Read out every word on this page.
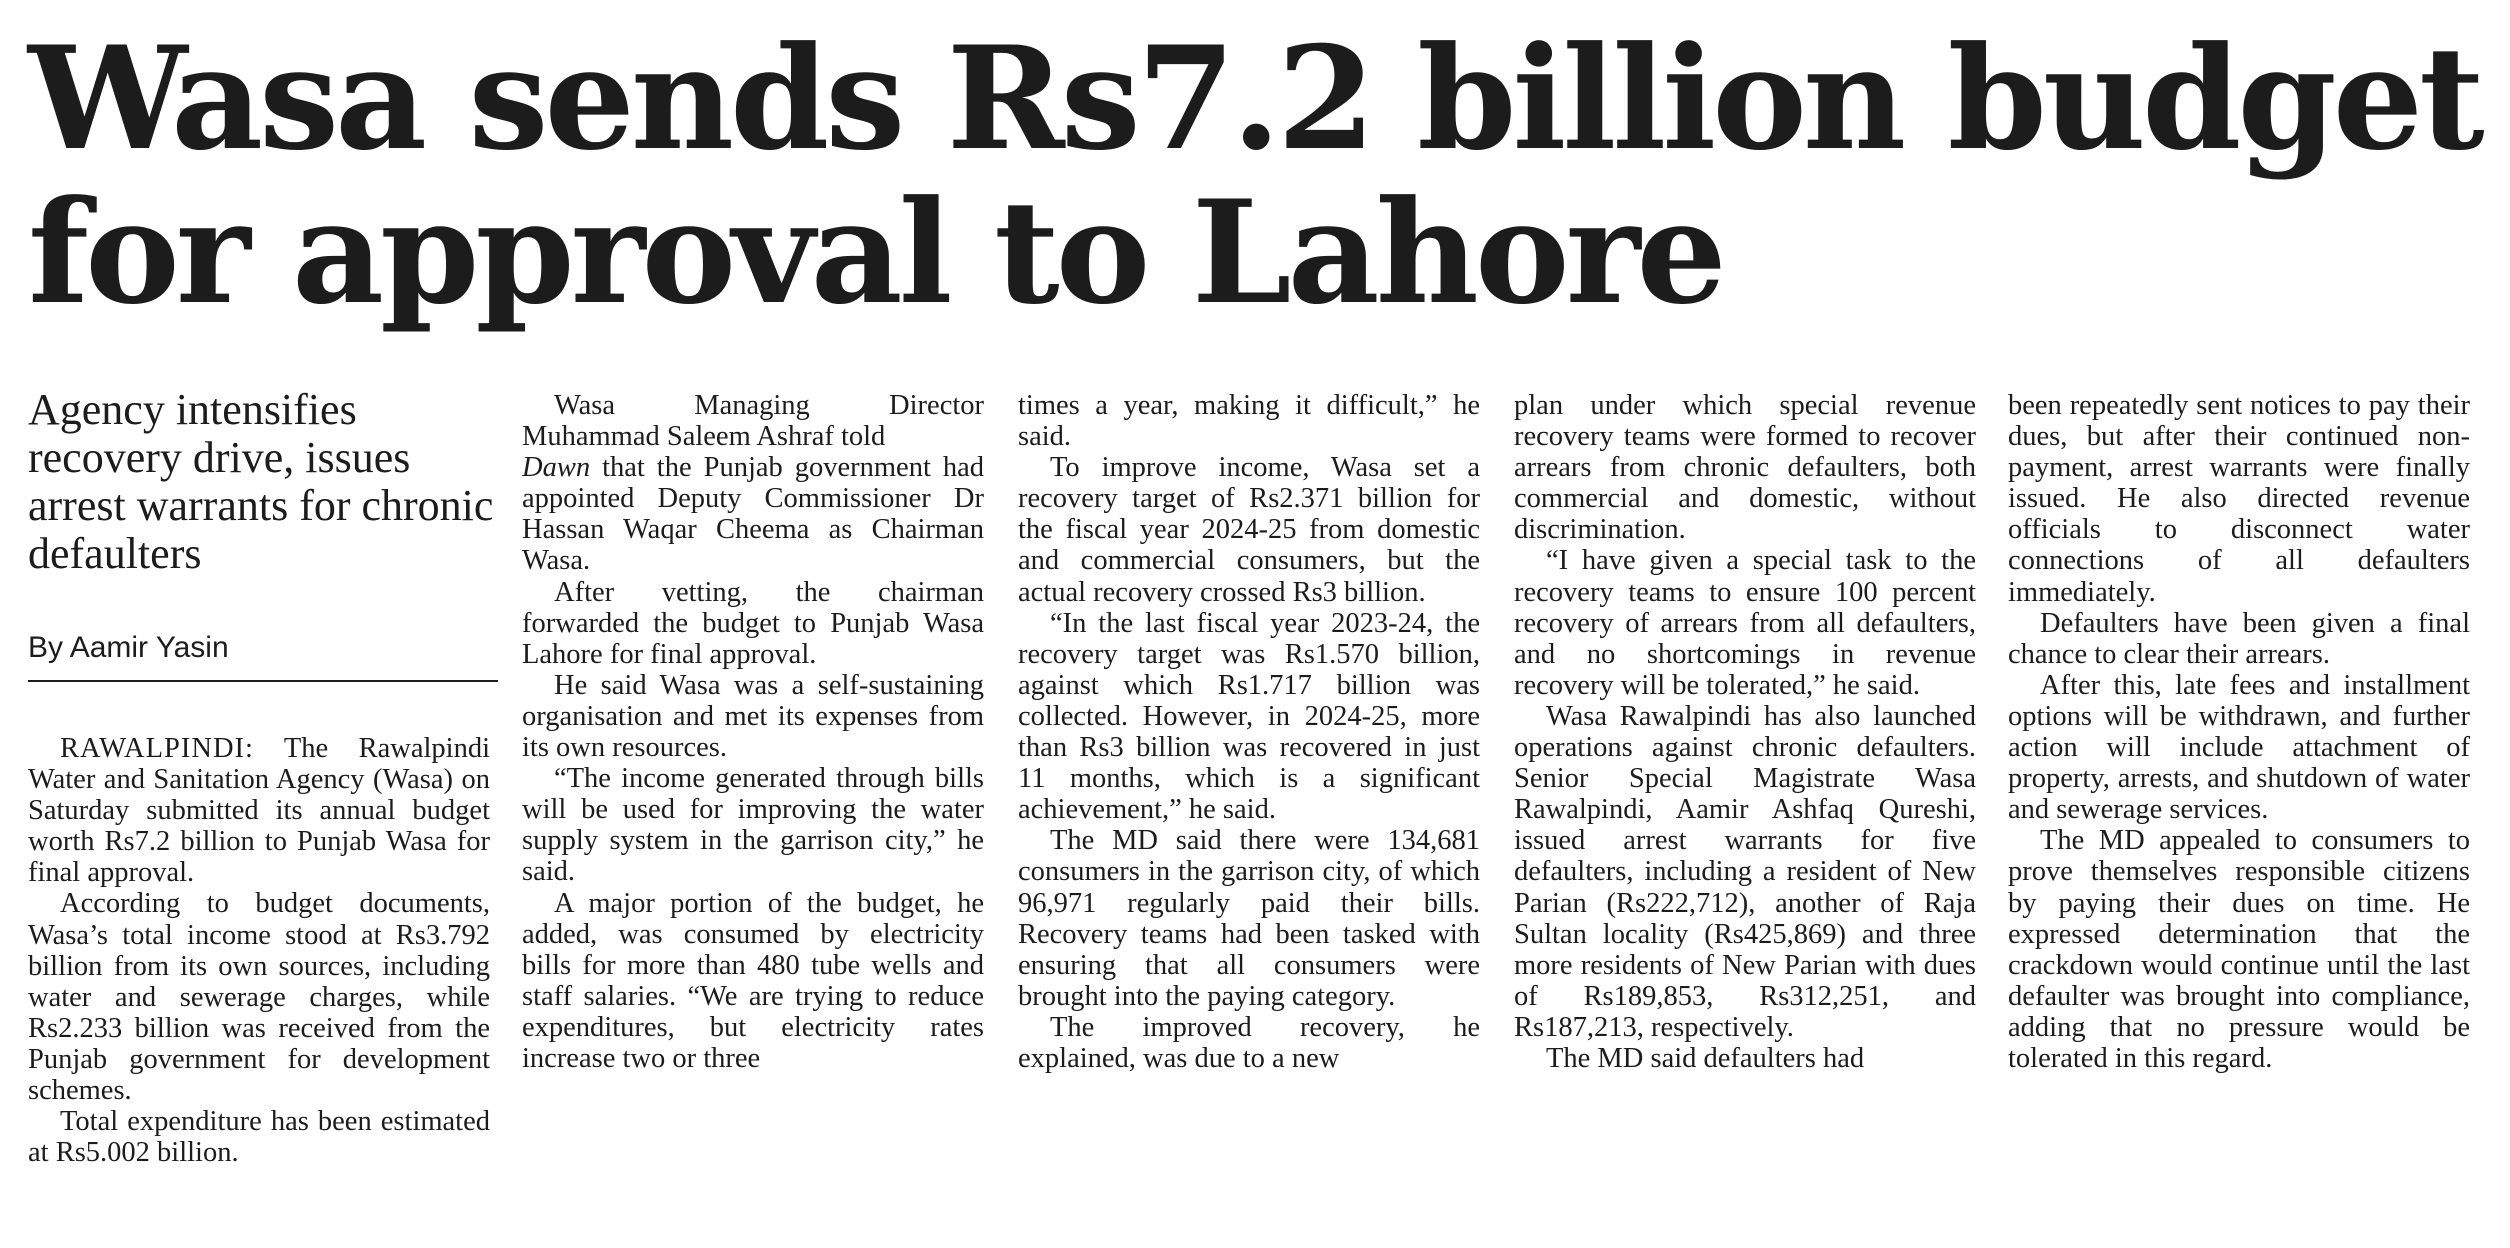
Wasa sends Rs7.2 billion budget
for approval to Lahore

Agency intensifies recovery drive, issues arrest warrants for chronic defaulters

By Aamir Yasin

RAWALPINDI: The Rawalpindi Water and Sanitation Agency (Wasa) on Saturday submitted its annual budget worth Rs7.2 billion to Punjab Wasa for final approval.

According to budget documents, Wasa’s total income stood at Rs3.792 billion from its own sources, including water and sewerage charges, while Rs2.233 billion was received from the Punjab government for development schemes.

Total expenditure has been estimated at Rs5.002 billion.

Wasa Managing Director Muhammad Saleem Ashraf told
Dawn that the Punjab government had appointed Deputy Commissioner Dr Hassan Waqar Cheema as Chairman Wasa.

After vetting, the chairman forwarded the budget to Punjab Wasa Lahore for final approval.

He said Wasa was a self-sustaining organisation and met its expenses from its own resources.

“The income generated through bills will be used for improving the water supply system in the garrison city,” he said.

A major portion of the budget, he added, was consumed by electricity bills for more than 480 tube wells and staff salaries. “We are trying to reduce expenditures, but electricity rates increase two or three

times a year, making it difficult,” he said.

To improve income, Wasa set a recovery target of Rs2.371 billion for the fiscal year 2024-25 from domestic and commercial consumers, but the actual recovery crossed Rs3 billion.

“In the last fiscal year 2023-24, the recovery target was Rs1.570 billion, against which Rs1.717 billion was collected. However, in 2024-25, more than Rs3 billion was recovered in just 11 months, which is a significant achievement,” he said.

The MD said there were 134,681 consumers in the garrison city, of which 96,971 regularly paid their bills. Recovery teams had been tasked with ensuring that all consumers were brought into the paying category.

The improved recovery, he explained, was due to a new

plan under which special revenue recovery teams were formed to recover arrears from chronic defaulters, both commercial and domestic, without discrimination.

“I have given a special task to the recovery teams to ensure 100 percent recovery of arrears from all defaulters, and no shortcomings in revenue recovery will be tolerated,” he said.

Wasa Rawalpindi has also launched operations against chronic defaulters. Senior Special Magistrate Wasa Rawalpindi, Aamir Ashfaq Qureshi, issued arrest warrants for five defaulters, including a resident of New Parian (Rs222,712), another of Raja Sultan locality (Rs425,869) and three more residents of New Parian with dues of Rs189,853, Rs312,251, and Rs187,213, respectively.

The MD said defaulters had

been repeatedly sent notices to pay their dues, but after their continued non-payment, arrest warrants were finally issued. He also directed revenue officials to disconnect water connections of all defaulters immediately.

Defaulters have been given a final chance to clear their arrears.

After this, late fees and installment options will be withdrawn, and further action will include attachment of property, arrests, and shutdown of water and sewerage services.

The MD appealed to consumers to prove themselves responsible citizens by paying their dues on time. He expressed determination that the crackdown would continue until the last defaulter was brought into compliance, adding that no pressure would be tolerated in this regard.
